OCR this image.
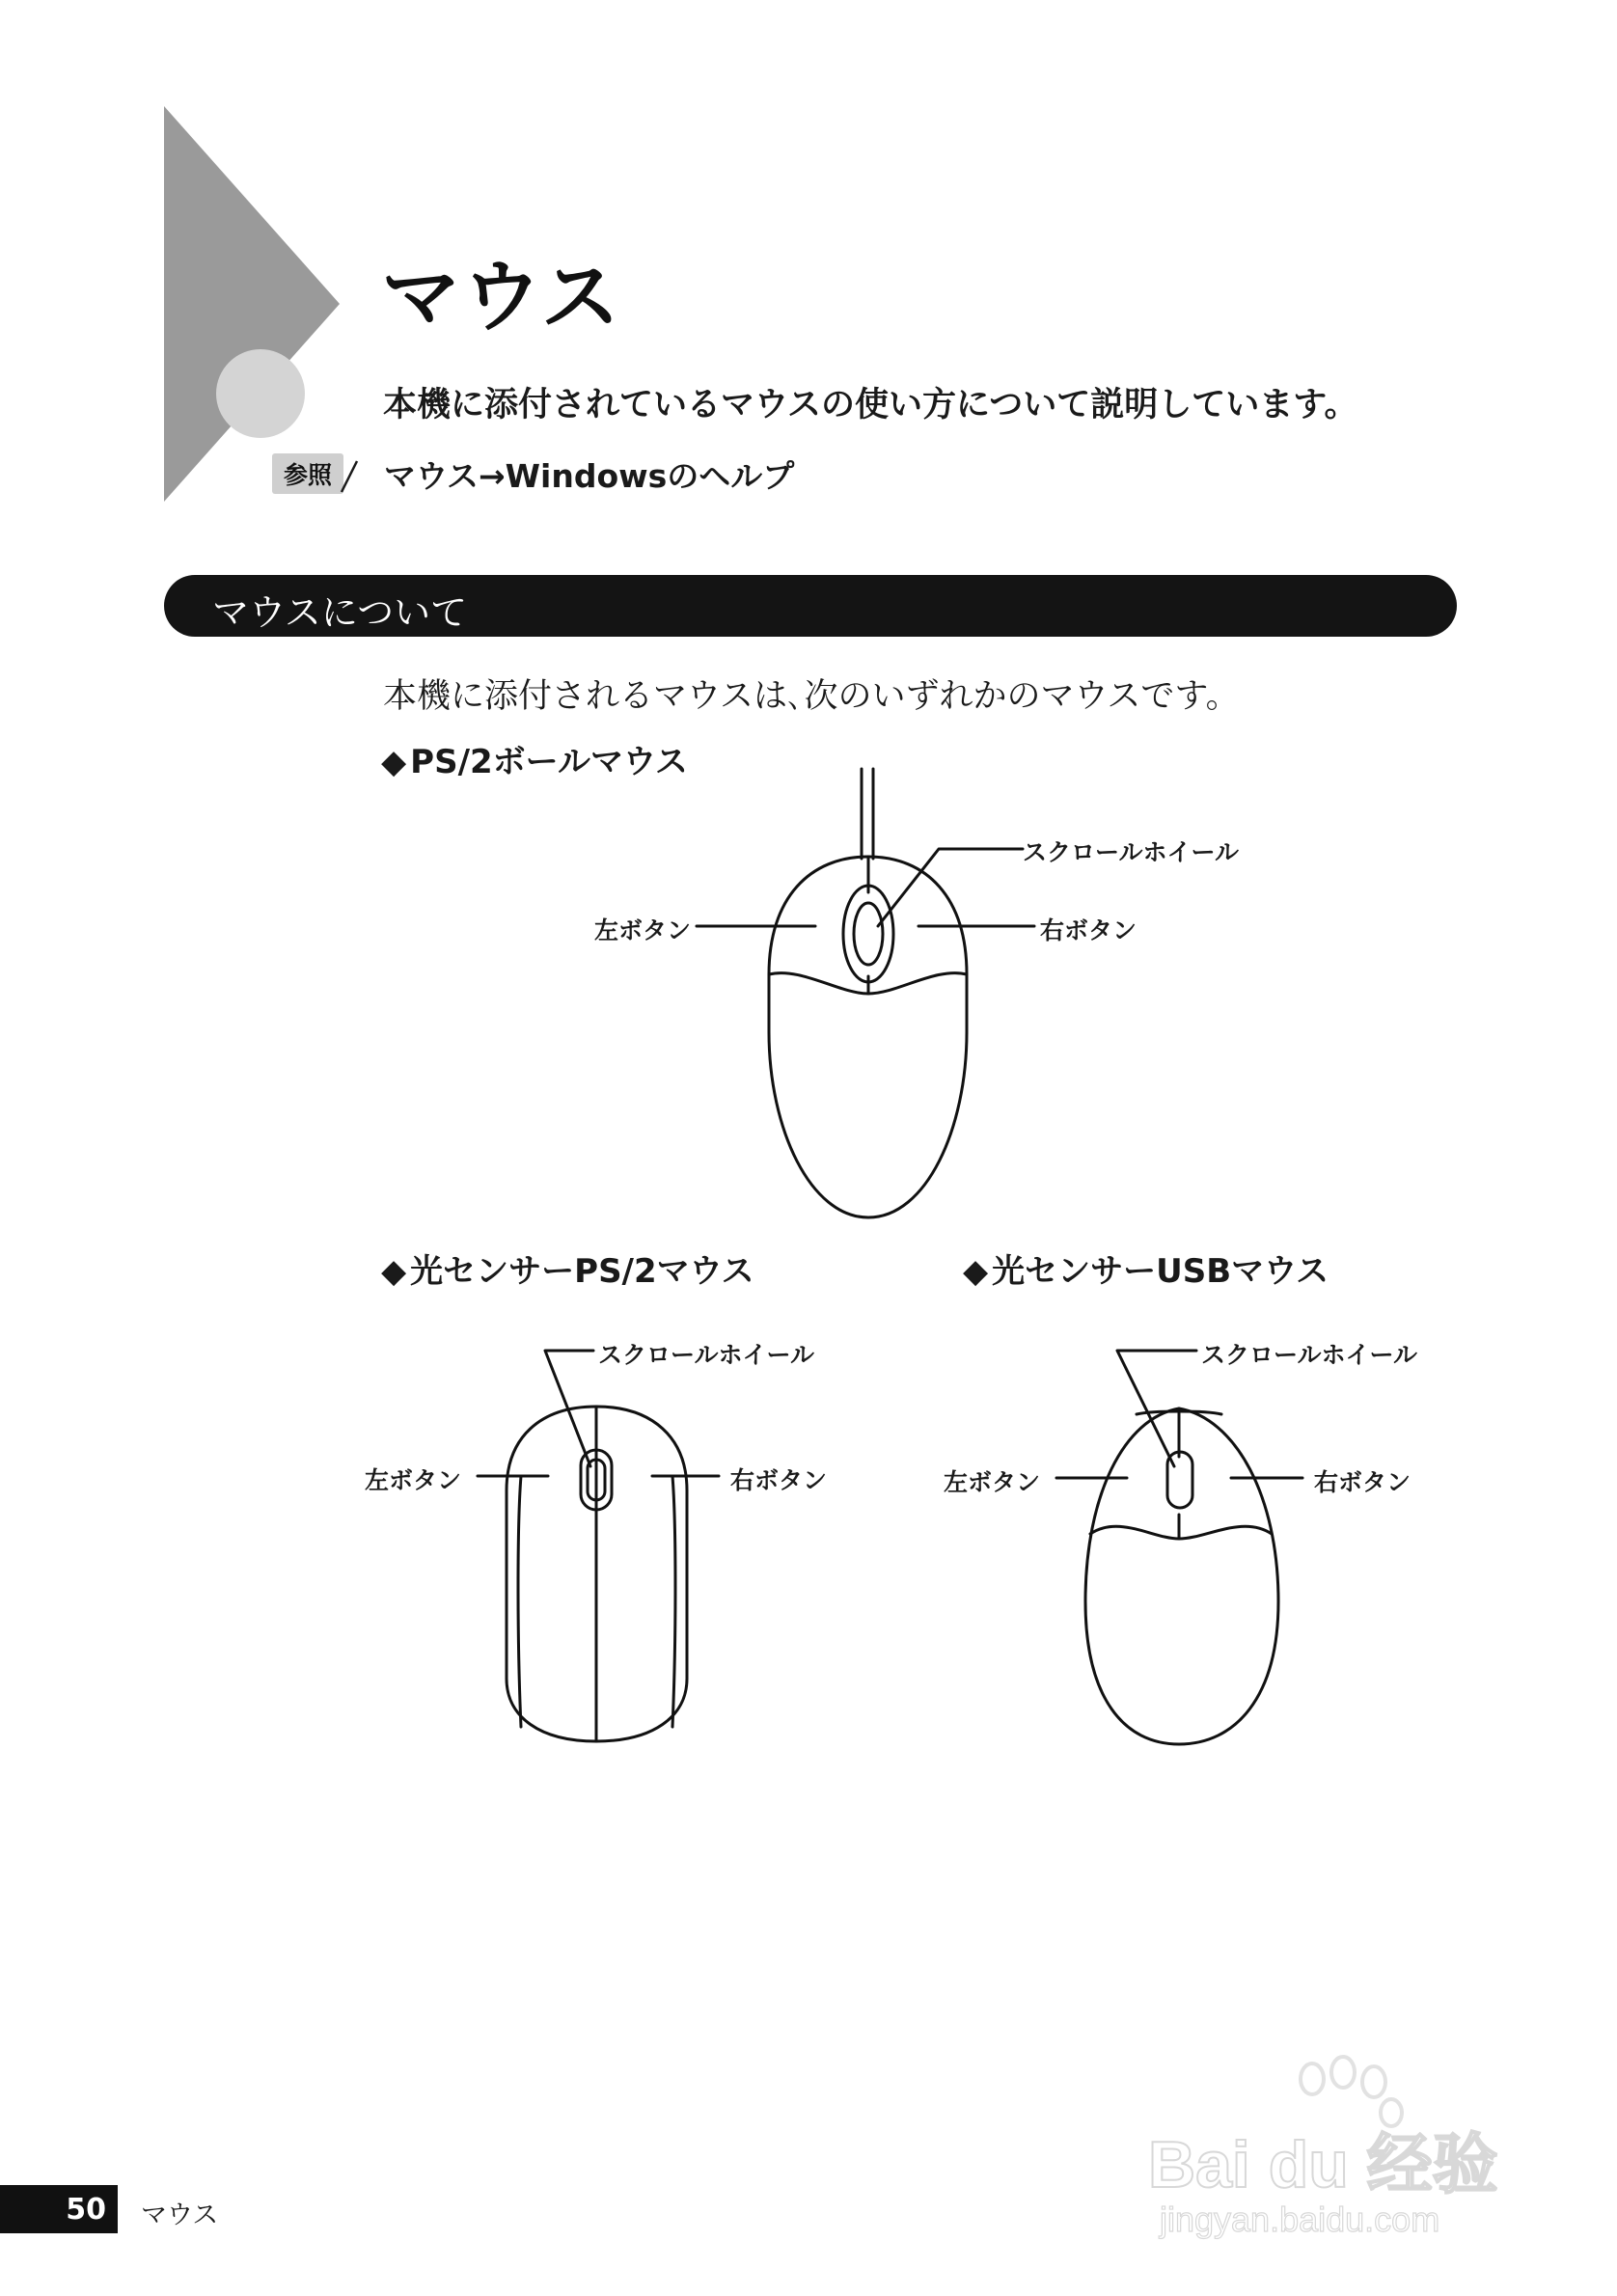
マウス
本機に添付されているマウスの使い方について説明しています。
参照	マウス→Windowsのヘルプ
マウスについて
本機に添付されるマウスは､次のいずれかのマウスです。
◆ PS/2ボールマウス
◆ 光センサーPS/2マウス	◆ 光センサーUSBマウス
スクロールホイール
左ボタン	右ボタン
スクロールホイール
左ボタン	右ボタン
スクロールホイール
左ボタン	右ボタン
50	マウス
Bai du 经验
jingyan.baidu.com
